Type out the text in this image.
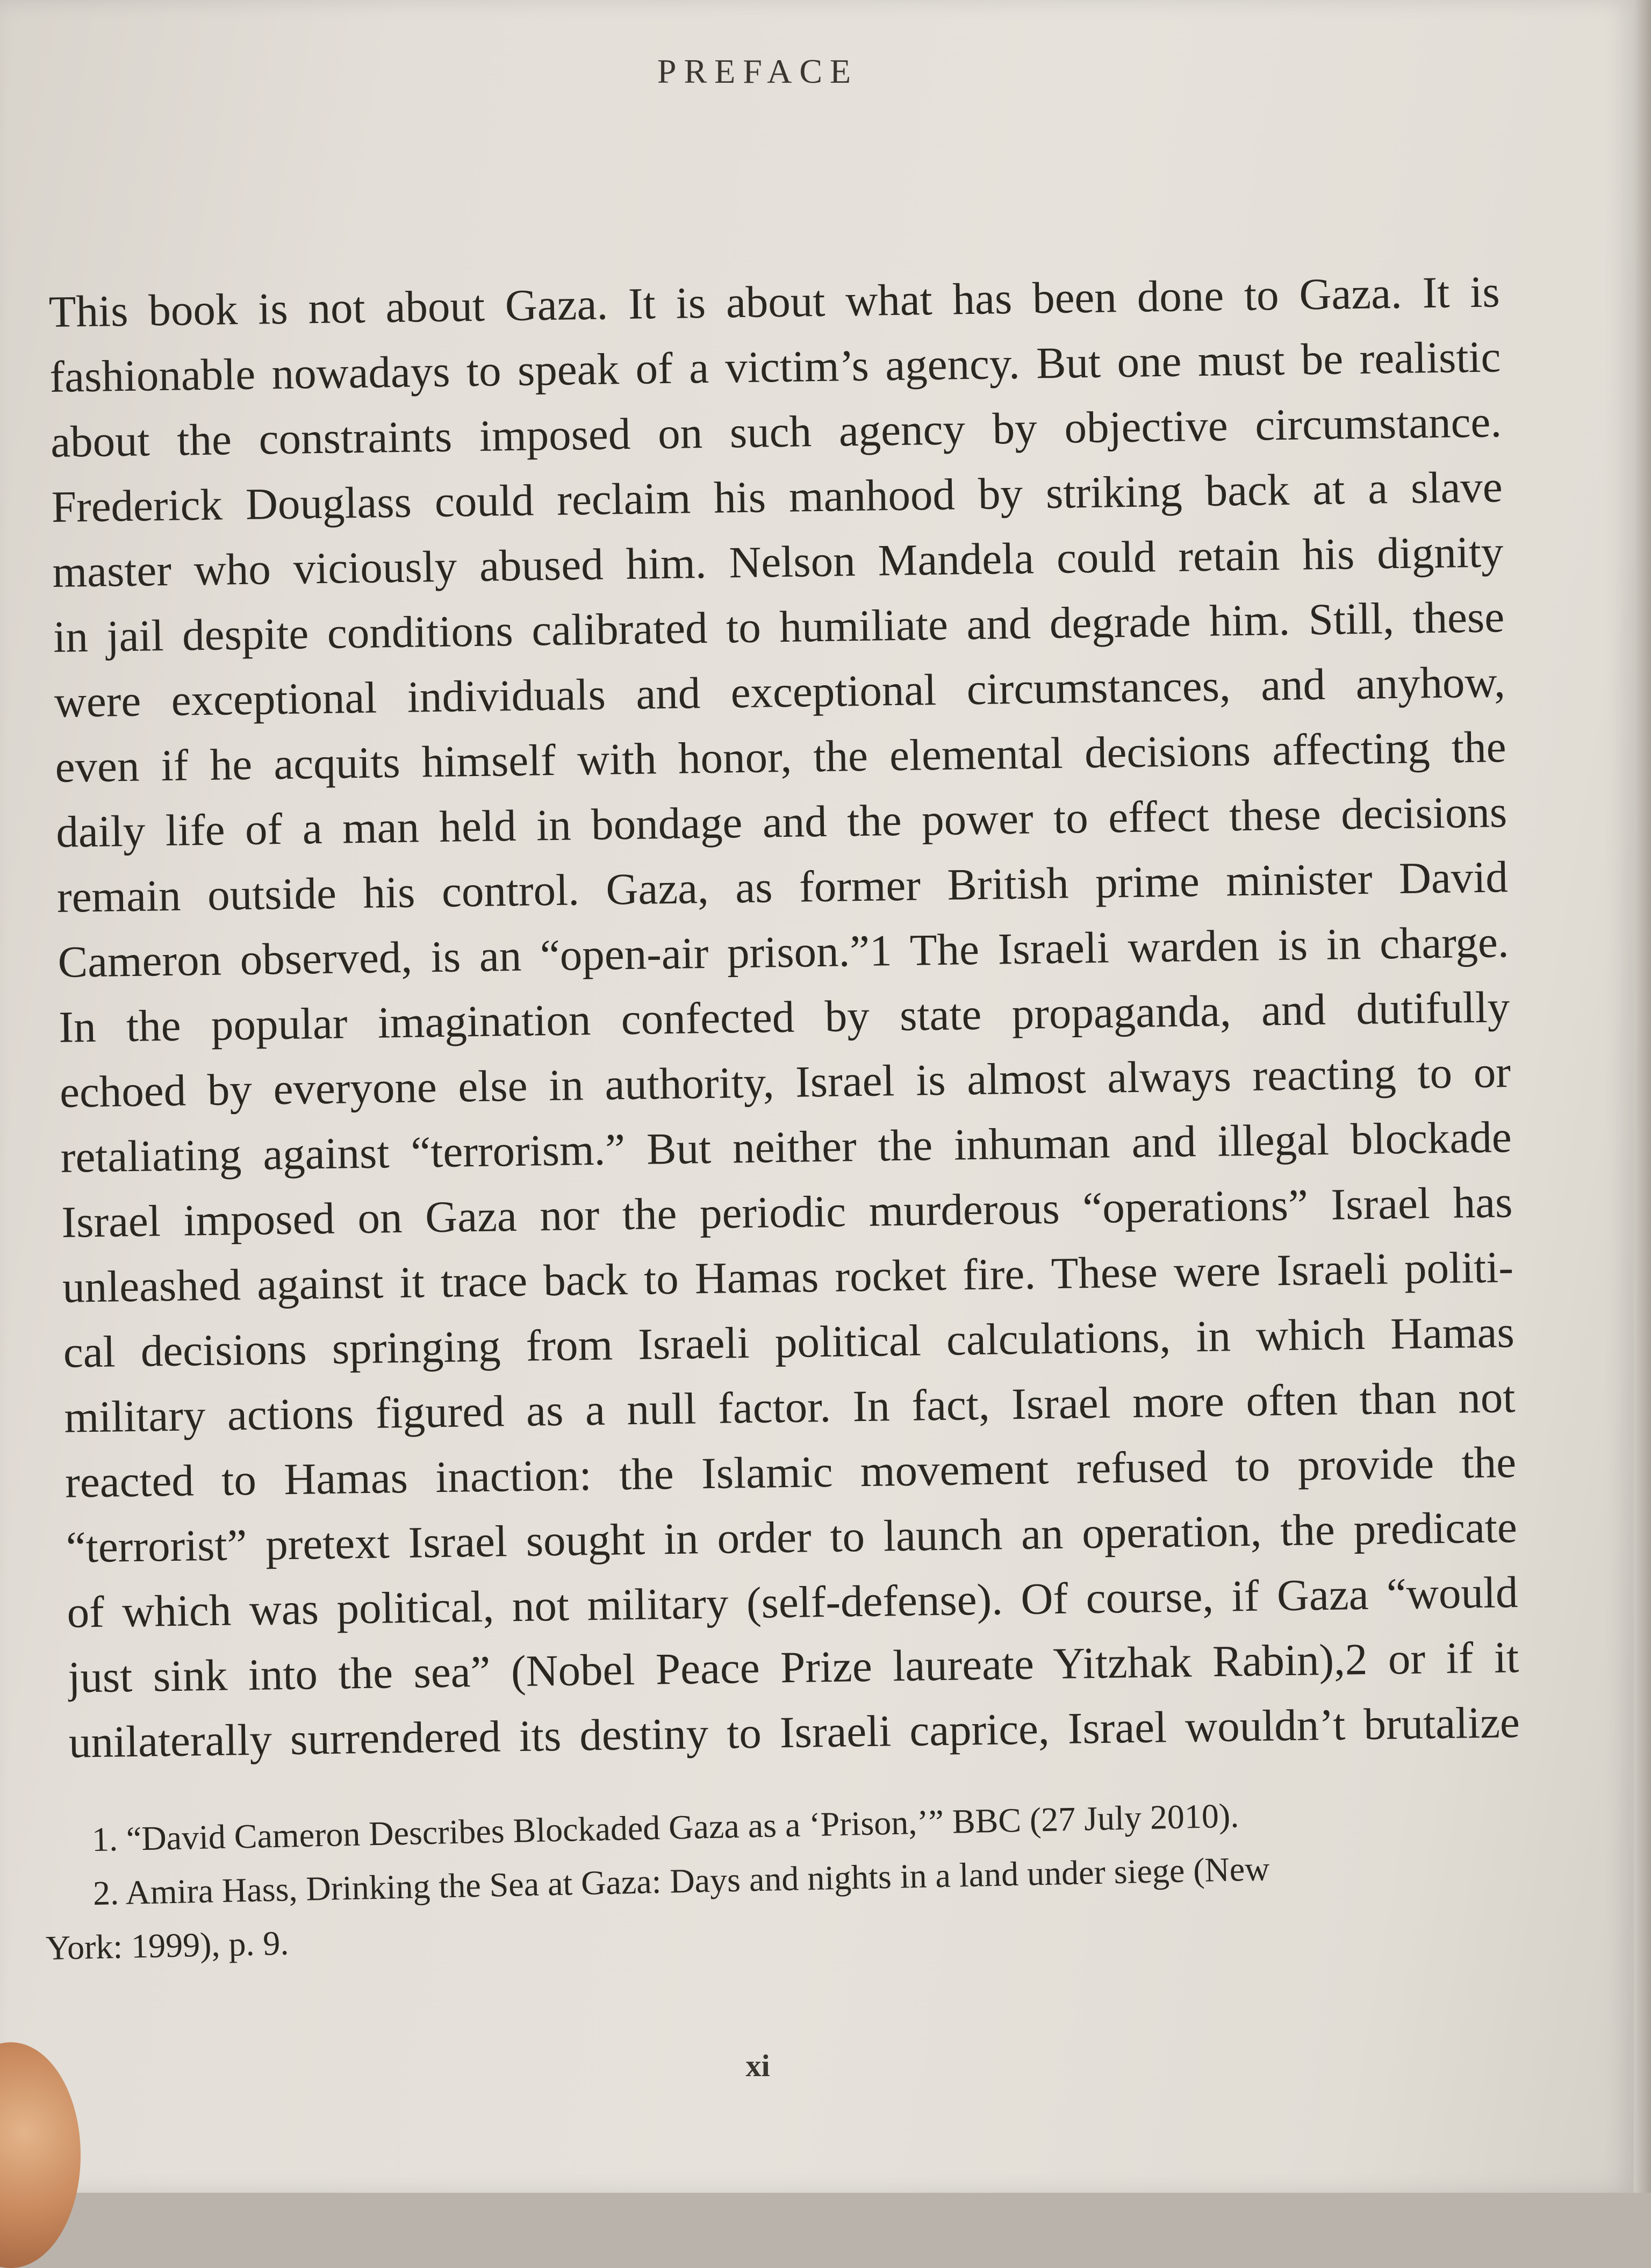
PREFACE
This book is not about Gaza. It is about what has been done to Gaza. It is
fashionable nowadays to speak of a victim’s agency. But one must be realistic
about the constraints imposed on such agency by objective circumstance.
Frederick Douglass could reclaim his manhood by striking back at a slave
master who viciously abused him. Nelson Mandela could retain his dignity
in jail despite conditions calibrated to humiliate and degrade him. Still, these
were exceptional individuals and exceptional circumstances, and anyhow,
even if he acquits himself with honor, the elemental decisions affecting the
daily life of a man held in bondage and the power to effect these decisions
remain outside his control. Gaza, as former British prime minister David
Cameron observed, is an “open-air prison.”1 The Israeli warden is in charge.
In the popular imagination confected by state propaganda, and dutifully
echoed by everyone else in authority, Israel is almost always reacting to or
retaliating against “terrorism.” But neither the inhuman and illegal blockade
Israel imposed on Gaza nor the periodic murderous “operations” Israel has
unleashed against it trace back to Hamas rocket fire. These were Israeli politi-
cal decisions springing from Israeli political calculations, in which Hamas
military actions figured as a null factor. In fact, Israel more often than not
reacted to Hamas inaction: the Islamic movement refused to provide the
“terrorist” pretext Israel sought in order to launch an operation, the predicate
of which was political, not military (self-defense). Of course, if Gaza “would
just sink into the sea” (Nobel Peace Prize laureate Yitzhak Rabin),2 or if it
unilaterally surrendered its destiny to Israeli caprice, Israel wouldn’t brutalize
1. “David Cameron Describes Blockaded Gaza as a ‘Prison,’” BBC (27 July 2010).
2. Amira Hass, Drinking the Sea at Gaza: Days and nights in a land under siege (New
York: 1999), p. 9.
xi
